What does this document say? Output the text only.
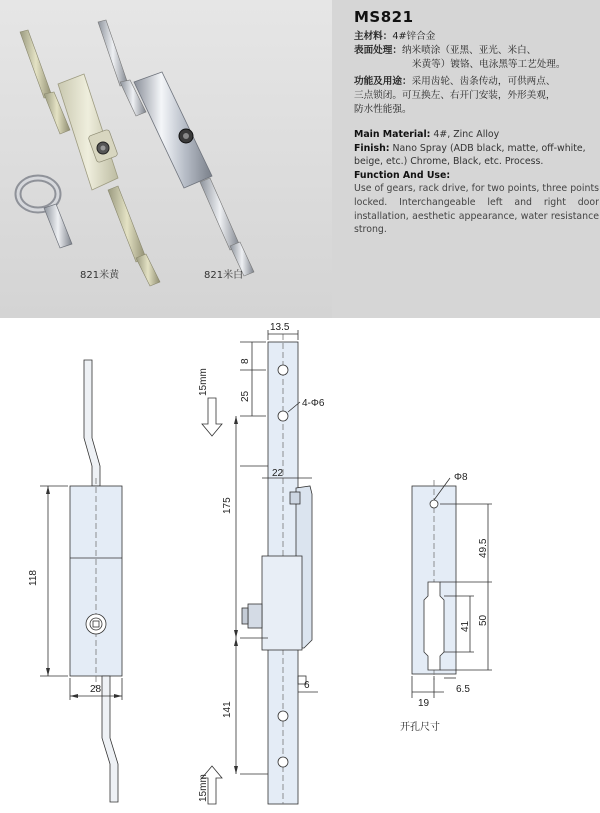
821米黄	821米白
MS821
主材料：4#锌合金
表面处理：纳米喷涂（亚黑、亚光、米白、
米黄等）镀铬、电泳黑等工艺处理。
功能及用途：采用齿轮、齿条传动，可供两点、
三点锁闭。可互换左、右开门安装，外形美观，
防水性能强。
Main Material: 4#, Zinc Alloy
Finish: Nano Spray (ADB black, matte, off-white, beige, etc.) Chrome, Black, etc. Process.
Function And Use:
Use of gears, rack drive, for two points, three points locked. Interchangeable left and right door installation, aesthetic appearance, water resistance strong.
118
28
13.5
8
25
4-Φ6
175
22
141
6
15mm
15mm
Φ8
49.5
41
50
6.5
19
开孔尺寸
